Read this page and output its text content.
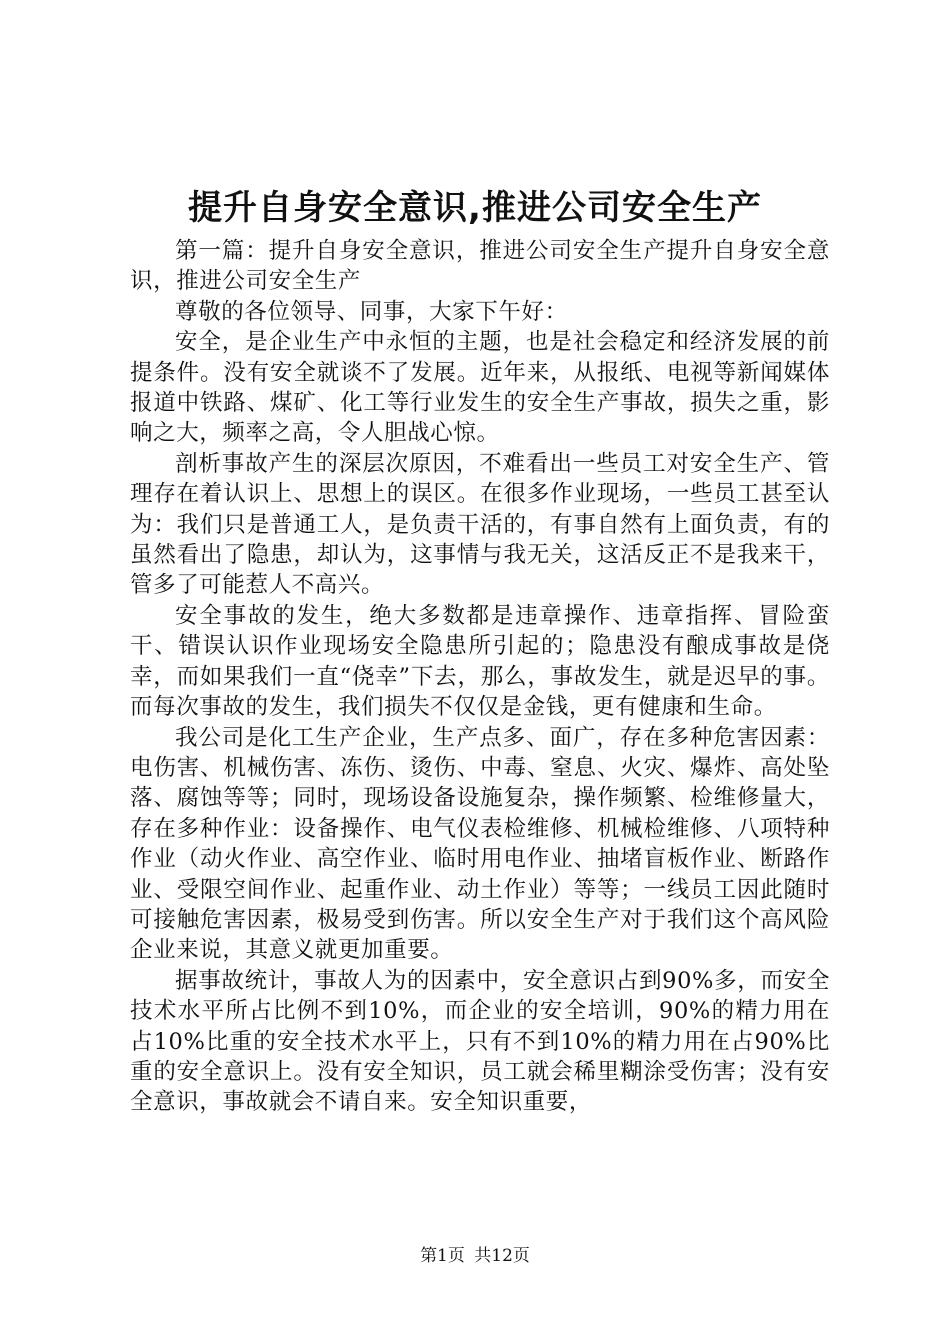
提升自身安全意识,推进公司安全生产

第一篇：提升自身安全意识，推进公司安全生产提升自身安全意识，推进公司安全生产

尊敬的各位领导、同事，大家下午好：

安全，是企业生产中永恒的主题，也是社会稳定和经济发展的前提条件。没有安全就谈不了发展。近年来，从报纸、电视等新闻媒体报道中铁路、煤矿、化工等行业发生的安全生产事故，损失之重，影响之大，频率之高，令人胆战心惊。

剖析事故产生的深层次原因，不难看出一些员工对安全生产、管理存在着认识上、思想上的误区。在很多作业现场，一些员工甚至认为：我们只是普通工人，是负责干活的，有事自然有上面负责，有的虽然看出了隐患，却认为，这事情与我无关，这活反正不是我来干，管多了可能惹人不高兴。

安全事故的发生，绝大多数都是违章操作、违章指挥、冒险蛮干、错误认识作业现场安全隐患所引起的；隐患没有酿成事故是侥幸，而如果我们一直“侥幸”下去，那么，事故发生，就是迟早的事。而每次事故的发生，我们损失不仅仅是金钱，更有健康和生命。

我公司是化工生产企业，生产点多、面广，存在多种危害因素：电伤害、机械伤害、冻伤、烫伤、中毒、窒息、火灾、爆炸、高处坠落、腐蚀等等；同时，现场设备设施复杂，操作频繁、检维修量大，存在多种作业：设备操作、电气仪表检维修、机械检维修、八项特种作业（动火作业、高空作业、临时用电作业、抽堵盲板作业、断路作业、受限空间作业、起重作业、动土作业）等等；一线员工因此随时可接触危害因素，极易受到伤害。所以安全生产对于我们这个高风险企业来说，其意义就更加重要。

据事故统计，事故人为的因素中，安全意识占到90%多，而安全技术水平所占比例不到10%，而企业的安全培训，90%的精力用在占10%比重的安全技术水平上，只有不到10%的精力用在占90%比重的安全意识上。没有安全知识，员工就会稀里糊涂受伤害；没有安全意识，事故就会不请自来。安全知识重要，

第1页 共12页
